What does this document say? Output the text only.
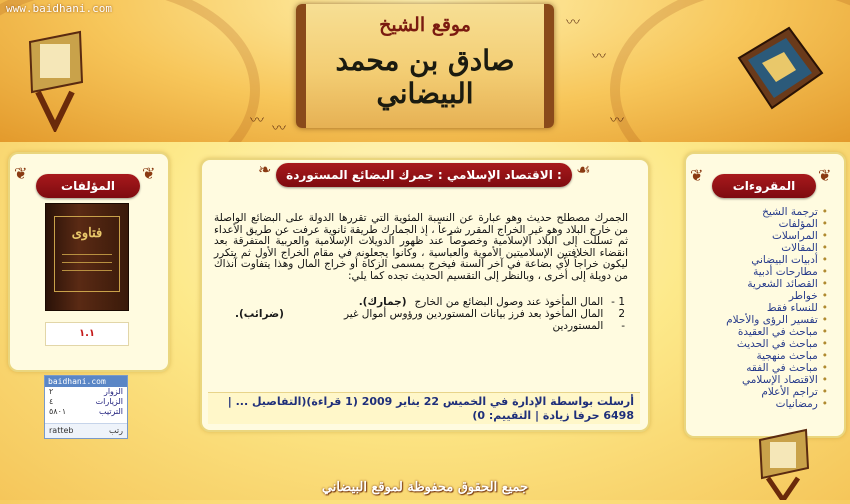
www.baidhani.com
〰 〰
〰
〰
〰
موقع الشيخ
صادق بن محمد البيضاني
❦	❦
المؤلفات
فتاوى
١.١
baidhani.com
الزوار
٢
الزيارات
٤
الترتيب
٥٨٠١
ratteb	رتب
❧	☙
الاقتصاد الإسلامي : جمرك البضائع المستوردة :
الجمرك مصطلح حديث وهو عبارة عن النسبة المئوية التي تقررها الدولة على البضائع الواصلة من خارج البلاد وهو غير الخراج المقرر شرعاً ، إذ الجمارك طريقة ثانوية عرفت عن طريق الأعداء ثم تسللت إلى البلاد الإسلامية وخصوصاً عند ظهور الدويلات الإسلامية والعربية المتفرقة بعد انقضاء الخلافتين الإسلاميتين الأموية والعباسية ، وكانوا يجعلونه في مقام الخراج الأول ثم يتكرر ليكون خراجاً لأي بضاعة في آخر السنة فيخرج بمسمى الزكاة أو خراج المال وهذا يتفاوت آنذاك من دويلة إلى أخرى ، وبالنظر إلى التقسيم الحديث تجده كما يلي:
1 -
المال المأخوذ عند وصول البضائع من الخارج
(جمارك).
2 -
المال المأخوذ بعد فرز بيانات المستوردين ورؤوس أموال غير المستوردين
(ضرائب).
أرسلت بواسطة الإدارة في الخميس 22 يناير 2009 (1 قراءة)(التفاصيل ... | 6498 حرفا زيادة | التقييم: 0)
❦	❦
المقروءات
• ترجمة الشيخ
• المؤلفات
• المراسلات
• المقالات
• أدبيات البيضاني
• مطارحات أدبية
• القصائد الشعرية
• خواطر
• للنساء فقط
• تفسير الرؤى والأحلام
• مباحث في العقيدة
• مباحث في الحديث
• مباحث منهجية
• مباحث في الفقه
• الاقتصاد الإسلامي
• تراجم الأعلام
• رمضانيات
جميع الحقوق محفوظة لموقع البيضاني
